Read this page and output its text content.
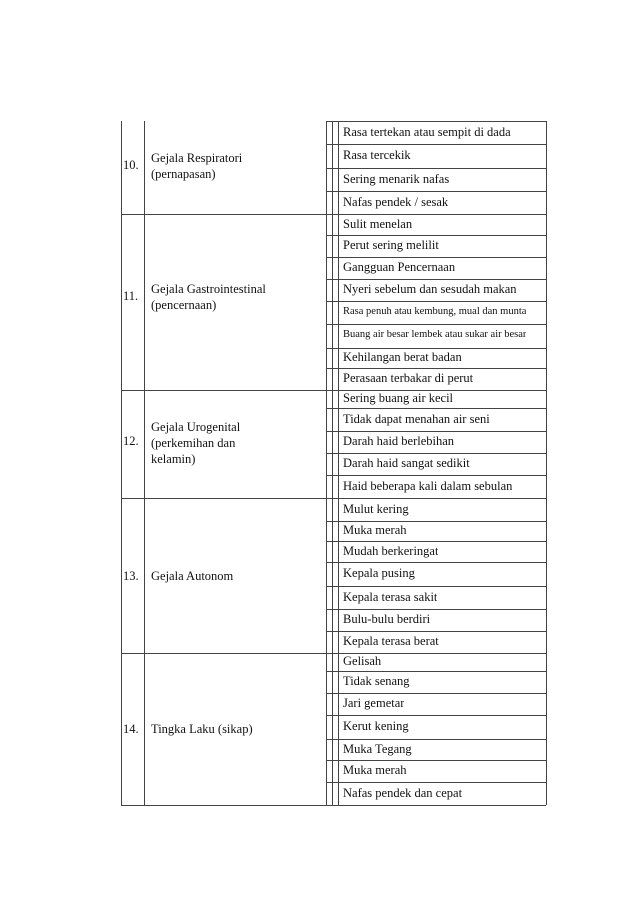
10. Gejala Respiratori
(pernapasan)
Rasa tertekan atau sempit di dada
Rasa tercekik
Sering menarik nafas
Nafas pendek / sesak
11. Gejala Gastrointestinal
(pencernaan)
Sulit menelan
Perut sering melilit
Gangguan Pencernaan
Nyeri sebelum dan sesudah makan
Rasa penuh atau kembung, mual dan munta
Buang air besar lembek atau sukar air besar
Kehilangan berat badan
Perasaan terbakar di perut
12.
Gejala Urogenital
(perkemihan dan
kelamin)
Sering buang air kecil
Tidak dapat menahan air seni
Darah haid berlebihan
Darah haid sangat sedikit
Haid beberapa kali dalam sebulan
13. Gejala Autonom
Mulut kering
Muka merah
Mudah berkeringat
Kepala pusing
Kepala terasa sakit
Bulu-bulu berdiri
Kepala terasa berat
14. Tingka Laku (sikap)
Gelisah
Tidak senang
Jari gemetar
Kerut kening
Muka Tegang
Muka merah
Nafas pendek dan cepat
